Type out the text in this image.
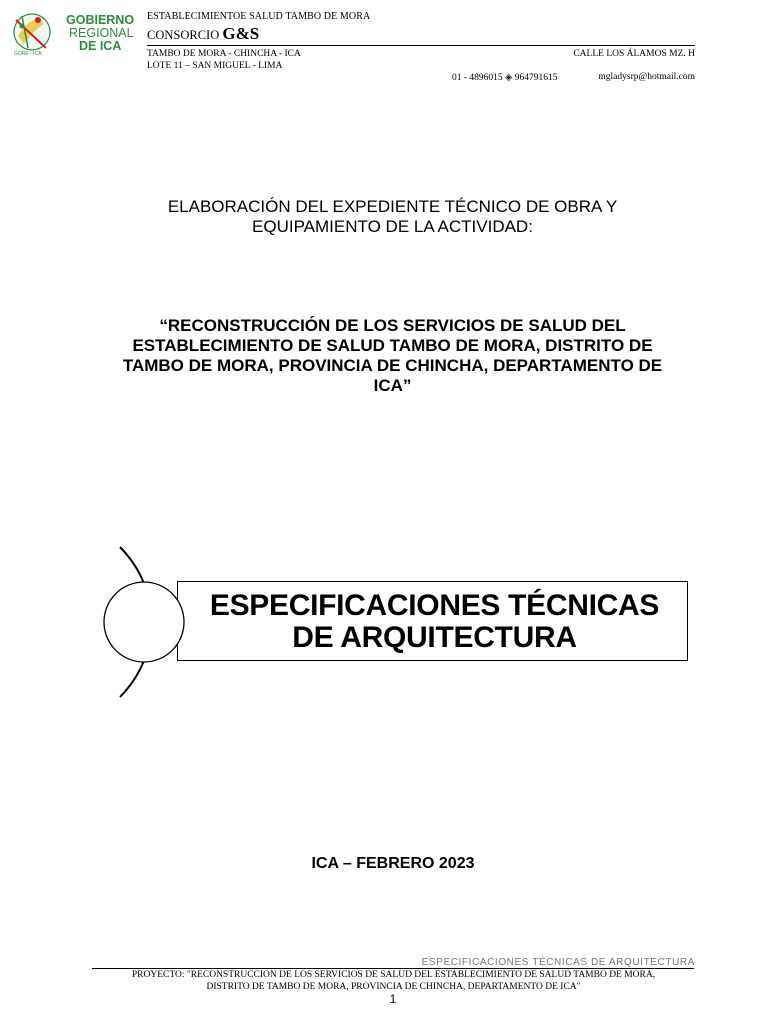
GORE - ICA
GOBIERNO
REGIONAL
DE ICA
ESTABLECIMIENTOE SALUD TAMBO DE MORA
CONSORCIO G&S
TAMBO DE MORA - CHINCHA - ICA
LOTE 11 – SAN MIGUEL - LIMA
CALLE LOS ÁLAMOS MZ. H
01 - 4896015 ◈ 964791615	mgladysrp@hotmail.com
ELABORACIÓN DEL EXPEDIENTE TÉCNICO DE OBRA Y
EQUIPAMIENTO DE LA ACTIVIDAD:
“RECONSTRUCCIÓN DE LOS SERVICIOS DE SALUD DEL
ESTABLECIMIENTO DE SALUD TAMBO DE MORA, DISTRITO DE
TAMBO DE MORA, PROVINCIA DE CHINCHA, DEPARTAMENTO DE
ICA”
ESPECIFICACIONES TÉCNICAS
DE ARQUITECTURA
ICA – FEBRERO 2023
ESPECIFICACIONES TÉCNICAS DE ARQUITECTURA
PROYECTO: "RECONSTRUCCION DE LOS SERVICIOS DE SALUD DEL ESTABLECIMIENTO DE SALUD TAMBO DE MORA,
DISTRITO DE TAMBO DE MORA, PROVINCIA DE CHINCHA, DEPARTAMENTO DE ICA"
1
